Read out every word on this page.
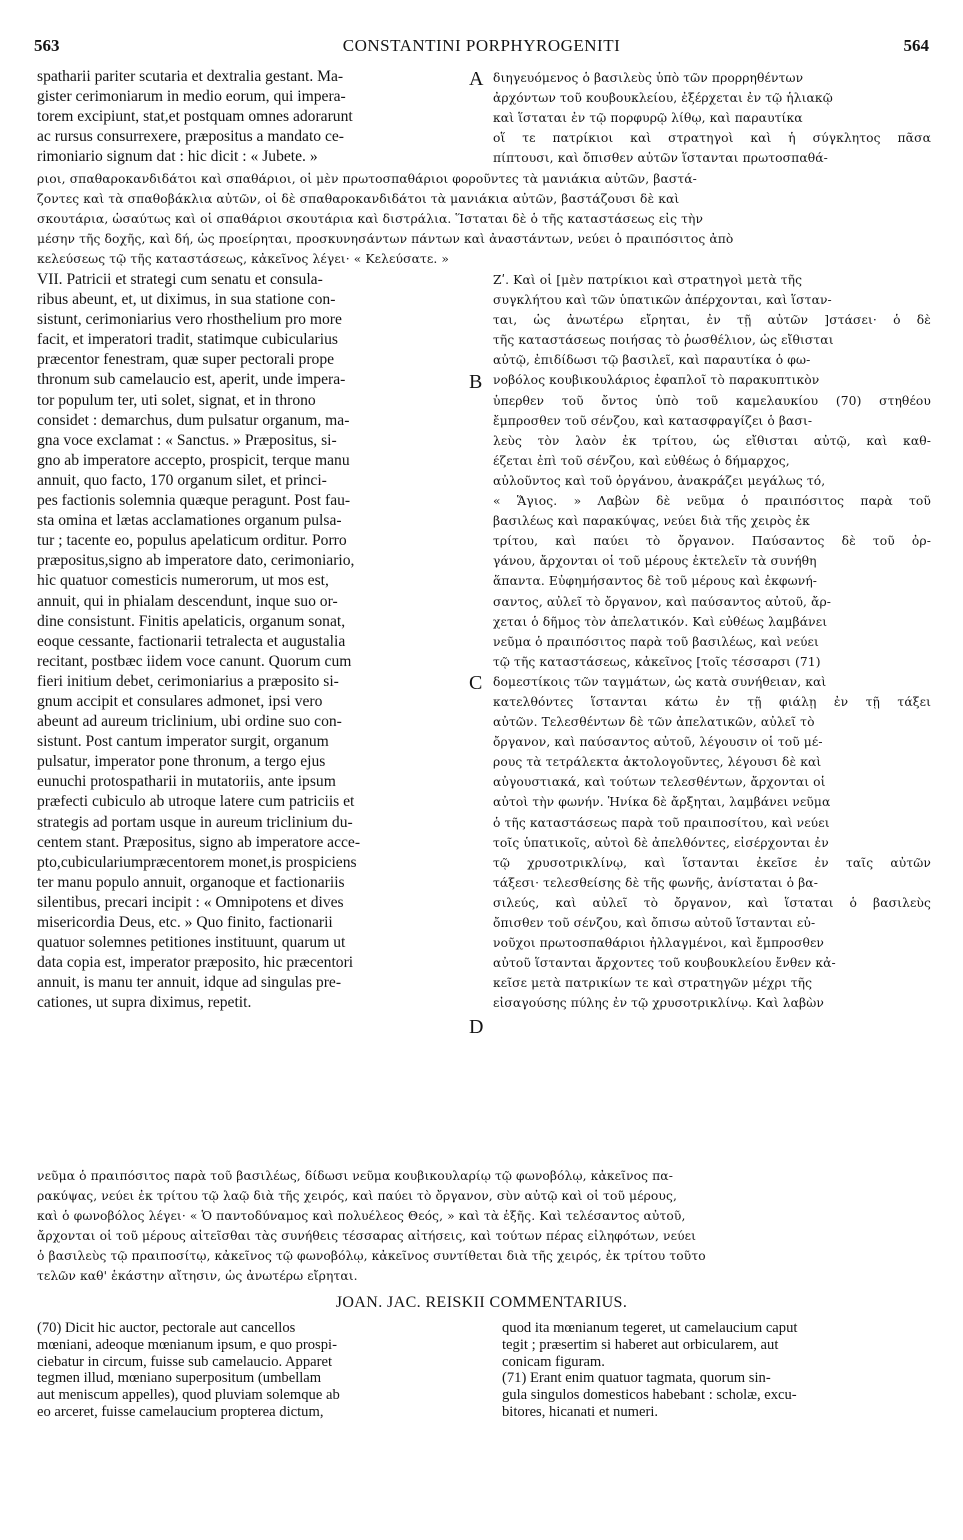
563	CONSTANTINI PORPHYROGENITI	564
spatharii pariter scutaria et dextralia gestant. Ma-
gister cerimoniarum in medio eorum, qui impera-
torem excipiunt, stat,et postquam omnes adorarunt
ac rursus consurrexere, præpositus a mandato ce-
rimoniario signum dat : hic dicit : « Jubete. »
A διηγευόμενος ὁ βασιλεὺς ὑπὸ τῶν προρρηθέντων
ἀρχόντων τοῦ κουβουκλείου, ἐξέρχεται ἐν τῷ ἡλιακῷ
καὶ ἵσταται ἐν τῷ πορφυρῷ λίθῳ, καὶ παραυτίκα
οἵ τε πατρίκιοι καὶ στρατηγοὶ καὶ ἡ σύγκλητος πᾶσα
πίπτουσι, καὶ ὄπισθεν αὐτῶν ἵστανται πρωτοσπαθά-
ριοι, σπαθαροκανδιδάτοι καὶ σπαθάριοι, οἱ μὲν πρωτοσπαθάριοι φοροῦντες τὰ μανιάκια αὐτῶν, βαστά-
ζοντες καὶ τὰ σπαθοβάκλια αὐτῶν, οἱ δὲ σπαθαροκανδιδάτοι τὰ μανιάκια αὐτῶν, βαστάζουσι δὲ καὶ
σκουτάρια, ὡσαύτως καὶ οἱ σπαθάριοι σκουτάρια καὶ διστράλια. Ἵσταται δὲ ὁ τῆς καταστάσεως εἰς τὴν
μέσην τῆς δοχῆς, καὶ δή, ὡς προείρηται, προσκυνησάντων πάντων καὶ ἀναστάντων, νεύει ὁ πραιπόσιτος ἀπὸ
κελεύσεως τῷ τῆς καταστάσεως, κἀκεῖνος λέγει· « Κελεύσατε. »
VII. Patricii et strategi cum senatu et consula-
ribus abeunt, et, ut diximus, in sua statione con-
sistunt, cerimoniarius vero rhosthelium pro more
facit, et imperatori tradit, statimque cubicularius
præcentor fenestram, quæ super pectorali prope
thronum sub camelaucio est, aperit, unde impera-
tor populum ter, uti solet, signat, et in throno
considet : demarchus, dum pulsatur organum, ma-
gna voce exclamat : « Sanctus. » Præpositus, si-
gno ab imperatore accepto, prospicit, terque manu
annuit, quo facto, 170 organum silet, et princi-
pes factionis solemnia quæque peragunt. Post fau-
sta omina et lætas acclamationes organum pulsa-
tur ; tacente eo, populus apelaticum orditur. Porro
præpositus,signo ab imperatore dato, cerimoniario,
hic quatuor comesticis numerorum, ut mos est,
annuit, qui in phialam descendunt, inque suo or-
dine consistunt. Finitis apelaticis, organum sonat,
eoque cessante, factionarii tetralecta et augustalia
recitant, postbæc iidem voce canunt. Quorum cum
fieri initium debet, cerimoniarius a præposito si-
gnum accipit et consulares admonet, ipsi vero
abeunt ad aureum triclinium, ubi ordine suo con-
sistunt. Post cantum imperator surgit, organum
pulsatur, imperator pone thronum, a tergo ejus
eunuchi protospatharii in mutatoriis, ante ipsum
præfecti cubiculo ab utroque latere cum patriciis et
strategis ad portam usque in aureum triclinium du-
centem stant. Præpositus, signo ab imperatore acce-
pto,cubiculariumpræcentorem monet,is prospiciens
ter manu populo annuit, organoque et factionariis
silentibus, precari incipit : « Omnipotens et dives
misericordia Deus, etc. » Quo finito, factionarii
quatuor solemnes petitiones instituunt, quarum ut
data copia est, imperator præposito, hic præcentori
annuit, is manu ter annuit, idque ad singulas pre-
cationes, ut supra diximus, repetit.
B
C
D
Ζʹ. Καὶ οἱ [μὲν πατρίκιοι καὶ στρατηγοὶ μετὰ τῆς
συγκλήτου καὶ τῶν ὑπατικῶν ἀπέρχονται, καὶ ἵσταν-
ται, ὡς ἀνωτέρω εἴρηται, ἐν τῇ αὐτῶν ]στάσει· ὁ δὲ
τῆς καταστάσεως ποιήσας τὸ ῥωσθέλιον, ὡς εἴθισται
αὐτῷ, ἐπιδίδωσι τῷ βασιλεῖ, καὶ παραυτίκα ὁ φω-
νοβόλος κουβικουλάριος ἐφαπλοῖ τὸ παρακυπτικὸν
ὑπερθεν τοῦ ὄντος ὑπὸ τοῦ καμελαυκίου (70) στηθέου
ἔμπροσθεν τοῦ σένζου, καὶ κατασφραγίζει ὁ βασι-
λεὺς τὸν λαὸν ἐκ τρίτου, ὡς εἴθισται αὐτῷ, καὶ καθ-
έζεται ἐπὶ τοῦ σένζου, καὶ εὐθέως ὁ δήμαρχος,
αὐλοῦντος καὶ τοῦ ὀργάνου, ἀνακράζει μεγάλως τό,
« Ἅγιος. » Λαβὼν δὲ νεῦμα ὁ πραιπόσιτος παρὰ τοῦ
βασιλέως καὶ παρακύψας, νεύει διὰ τῆς χειρὸς ἐκ
τρίτου, καὶ παύει τὸ ὄργανον. Παύσαντος δὲ τοῦ ὀρ-
γάνου, ἄρχονται οἱ τοῦ μέρους ἐκτελεῖν τὰ συνήθη
ἅπαντα. Εὐφημήσαντος δὲ τοῦ μέρους καὶ ἐκφωνή-
σαντος, αὐλεῖ τὸ ὄργανον, καὶ παύσαντος αὐτοῦ, ἄρ-
χεται ὁ δῆμος τὸν ἀπελατικόν. Καὶ εὐθέως λαμβάνει
νεῦμα ὁ πραιπόσιτος παρὰ τοῦ βασιλέως, καὶ νεύει
τῷ τῆς καταστάσεως, κἀκεῖνος [τοῖς τέσσαρσι (71)
δομεστίκοις τῶν ταγμάτων, ὡς κατὰ συνήθειαν, καὶ
κατελθόντες ἵστανται κάτω ἐν τῇ φιάλῃ ἐν τῇ τάξει
αὐτῶν. Τελεσθέντων δὲ τῶν ἀπελατικῶν, αὐλεῖ τὸ
ὄργανον, καὶ παύσαντος αὐτοῦ, λέγουσιν οἱ τοῦ μέ-
ρους τὰ τετράλεκτα ἀκτολογοῦντες, λέγουσι δὲ καὶ
αὐγουστιακά, καὶ τούτων τελεσθέντων, ἄρχονται οἱ
αὐτοὶ τὴν φωνήν. Ἡνίκα δὲ ἄρξηται, λαμβάνει νεῦμα
ὁ τῆς καταστάσεως παρὰ τοῦ πραιποσίτου, καὶ νεύει
τοῖς ὑπατικοῖς, αὐτοὶ δὲ ἀπελθόντες, εἰσέρχονται ἐν
τῷ χρυσοτρικλίνῳ, καὶ ἵστανται ἐκεῖσε ἐν ταῖς αὐτῶν
τάξεσι· τελεσθείσης δὲ τῆς φωνῆς, ἀνίσταται ὁ βα-
σιλεύς, καὶ αὐλεῖ τὸ ὄργανον, καὶ ἵσταται ὁ βασιλεὺς
ὄπισθεν τοῦ σένζου, καὶ ὄπισω αὐτοῦ ἵστανται εὐ-
νοῦχοι πρωτοσπαθάριοι ἠλλαγμένοι, καὶ ἔμπροσθεν
αὐτοῦ ἵστανται ἄρχοντες τοῦ κουβουκλείου ἔνθεν κἀ-
κεῖσε μετὰ πατρικίων τε καὶ στρατηγῶν μέχρι τῆς
εἰσαγούσης πύλης ἐν τῷ χρυσοτρικλίνῳ. Καὶ λαβὼν
νεῦμα ὁ πραιπόσιτος παρὰ τοῦ βασιλέως, δίδωσι νεῦμα κουβικουλαρίῳ τῷ φωνοβόλῳ, κἀκεῖνος πα-
ρακύψας, νεύει ἐκ τρίτου τῷ λαῷ διὰ τῆς χειρός, καὶ παύει τὸ ὄργανον, σὺν αὐτῷ καὶ οἱ τοῦ μέρους,
καὶ ὁ φωνοβόλος λέγει· « Ὁ παντοδύναμος καὶ πολυέλεος Θεός, » καὶ τὰ ἑξῆς. Καὶ τελέσαντος αὐτοῦ,
ἄρχονται οἱ τοῦ μέρους αἰτεῖσθαι τὰς συνήθεις τέσσαρας αἰτήσεις, καὶ τούτων πέρας εἰληφότων, νεύει
ὁ βασιλεὺς τῷ πραιποσίτῳ, κἀκεῖνος τῷ φωνοβόλῳ, κἀκεῖνος συντίθεται διὰ τῆς χειρός, ἐκ τρίτου τοῦτο
τελῶν καθ' ἑκάστην αἴτησιν, ὡς ἀνωτέρω εἴρηται.
JOAN. JAC. REISKII COMMENTARIUS.
(70) Dicit hic auctor, pectorale aut cancellos
mœniani, adeoque mœnianum ipsum, e quo prospi-
ciebatur in circum, fuisse sub camelaucio. Apparet
tegmen illud, mœniano superpositum (umbellam
aut meniscum appelles), quod pluviam solemque ab
eo arceret, fuisse camelaucium propterea dictum,
quod ita mœnianum tegeret, ut camelaucium caput
tegit ; præsertim si haberet aut orbicularem, aut
conicam figuram.
(71) Erant enim quatuor tagmata, quorum sin-
gula singulos domesticos habebant : scholæ, excu-
bitores, hicanati et numeri.
